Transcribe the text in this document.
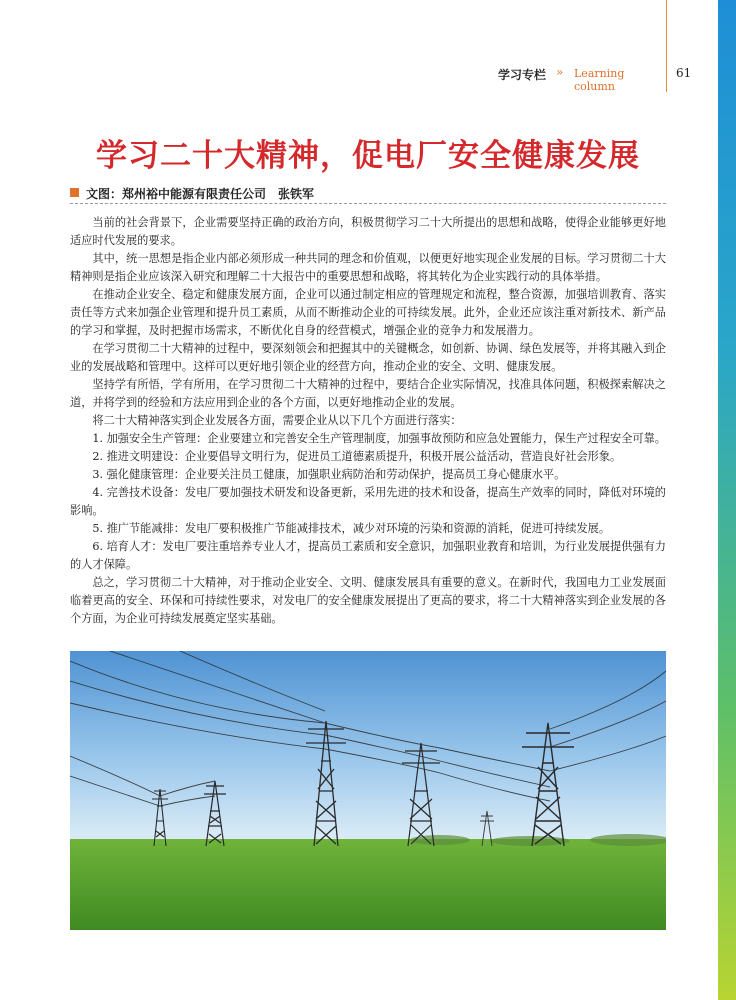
学习专栏 » Learning column
61
学习二十大精神，促电厂安全健康发展
文图：郑州裕中能源有限责任公司　张铁军

当前的社会背景下，企业需要坚持正确的政治方向，积极贯彻学习二十大所提出的思想和战略，使得企业能够更好地适应时代发展的要求。

其中，统一思想是指企业内部必须形成一种共同的理念和价值观，以便更好地实现企业发展的目标。学习贯彻二十大精神则是指企业应该深入研究和理解二十大报告中的重要思想和战略，将其转化为企业实践行动的具体举措。

在推动企业安全、稳定和健康发展方面，企业可以通过制定相应的管理规定和流程，整合资源，加强培训教育、落实责任等方式来加强企业管理和提升员工素质，从而不断推动企业的可持续发展。此外，企业还应该注重对新技术、新产品的学习和掌握，及时把握市场需求，不断优化自身的经营模式，增强企业的竞争力和发展潜力。

在学习贯彻二十大精神的过程中，要深刻领会和把握其中的关键概念，如创新、协调、绿色发展等，并将其融入到企业的发展战略和管理中。这样可以更好地引领企业的经营方向，推动企业的安全、文明、健康发展。

坚持学有所悟，学有所用，在学习贯彻二十大精神的过程中，要结合企业实际情况，找准具体问题，积极探索解决之道，并将学到的经验和方法应用到企业的各个方面，以更好地推动企业的发展。

将二十大精神落实到企业发展各方面，需要企业从以下几个方面进行落实：

1. 加强安全生产管理：企业要建立和完善安全生产管理制度，加强事故预防和应急处置能力，保生产过程安全可靠。

2. 推进文明建设：企业要倡导文明行为，促进员工道德素质提升，积极开展公益活动，营造良好社会形象。

3. 强化健康管理：企业要关注员工健康，加强职业病防治和劳动保护，提高员工身心健康水平。

4. 完善技术设备：发电厂要加强技术研发和设备更新，采用先进的技术和设备，提高生产效率的同时，降低对环境的影响。

5. 推广节能减排：发电厂要积极推广节能减排技术，减少对环境的污染和资源的消耗，促进可持续发展。

6. 培育人才：发电厂要注重培养专业人才，提高员工素质和安全意识，加强职业教育和培训，为行业发展提供强有力的人才保障。

总之，学习贯彻二十大精神，对于推动企业安全、文明、健康发展具有重要的意义。在新时代，我国电力工业发展面临着更高的安全、环保和可持续性要求，对发电厂的安全健康发展提出了更高的要求，将二十大精神落实到企业发展的各个方面，为企业可持续发展奠定坚实基础。
